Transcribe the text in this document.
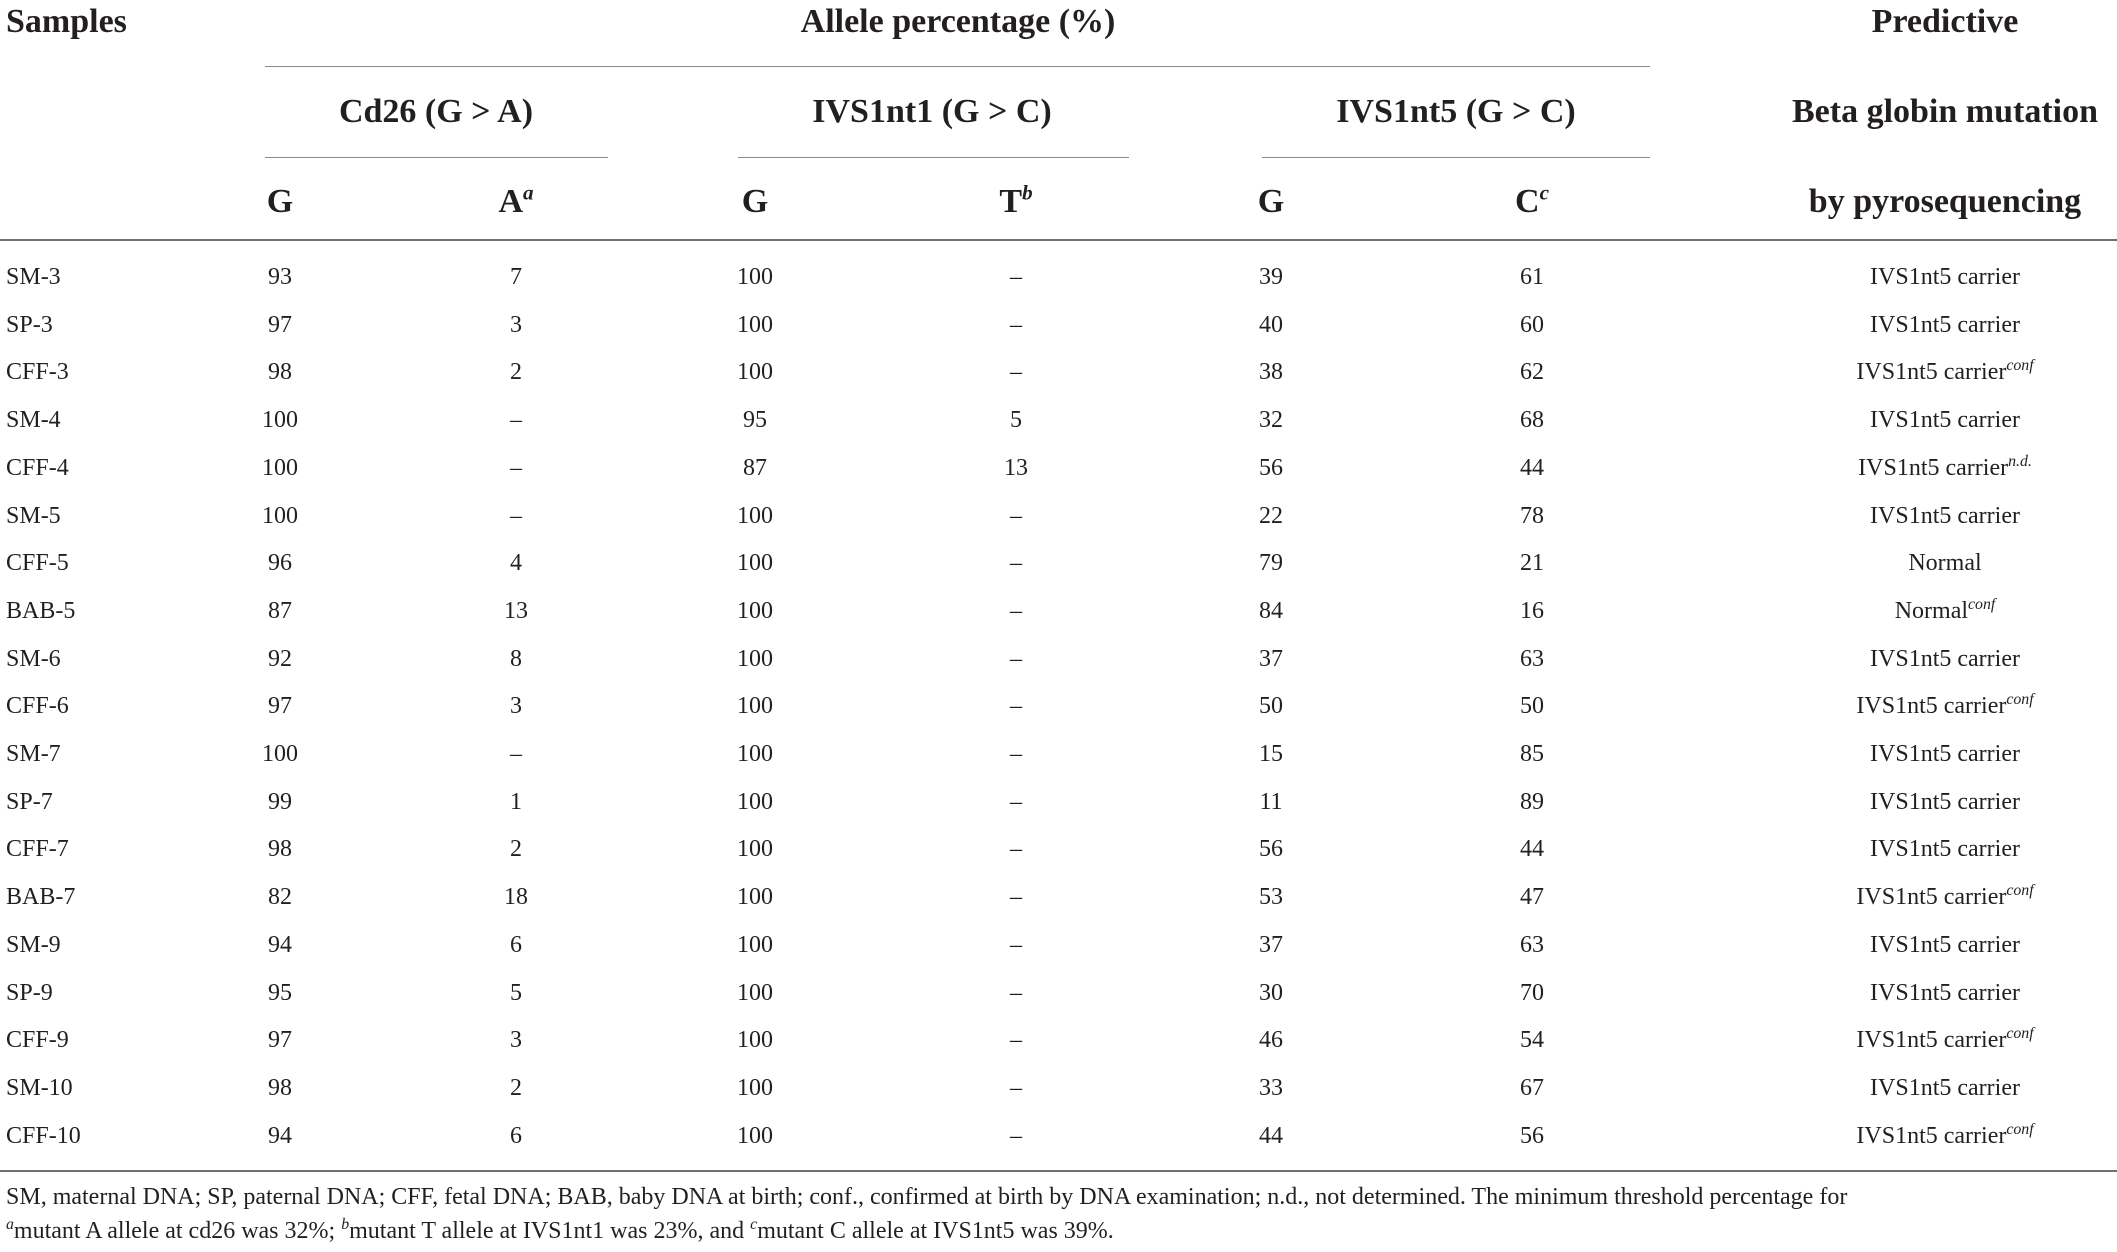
Samples	Allele percentage (%)	Predictive
Beta globin mutation
by pyrosequencing
Cd26 (G > A)	IVS1nt1 (G > C)	IVS1nt5 (G > C)
G	$A^a$	G	$T^b$	G	$C^c$
SM-3	93	7	100	–	39	61	IVS1nt5 carrier
SP-3	97	3	100	–	40	60	IVS1nt5 carrier
CFF-3	98	2	100	–	38	62	IVS1nt5 carrier$^{conf}$
SM-4	100	–	95	5	32	68	IVS1nt5 carrier
CFF-4	100	–	87	13	56	44	IVS1nt5 carrier$^{n.d.}$
SM-5	100	–	100	–	22	78	IVS1nt5 carrier
CFF-5	96	4	100	–	79	21	Normal
BAB-5	87	13	100	–	84	16	Normal$^{conf}$
SM-6	92	8	100	–	37	63	IVS1nt5 carrier
CFF-6	97	3	100	–	50	50	IVS1nt5 carrier$^{conf}$
SM-7	100	–	100	–	15	85	IVS1nt5 carrier
SP-7	99	1	100	–	11	89	IVS1nt5 carrier
CFF-7	98	2	100	–	56	44	IVS1nt5 carrier
BAB-7	82	18	100	–	53	47	IVS1nt5 carrier$^{conf}$
SM-9	94	6	100	–	37	63	IVS1nt5 carrier
SP-9	95	5	100	–	30	70	IVS1nt5 carrier
CFF-9	97	3	100	–	46	54	IVS1nt5 carrier$^{conf}$
SM-10	98	2	100	–	33	67	IVS1nt5 carrier
CFF-10	94	6	100	–	44	56	IVS1nt5 carrier$^{conf}$
SM, maternal DNA; SP, paternal DNA; CFF, fetal DNA; BAB, baby DNA at birth; conf., confirmed at birth by DNA examination; n.d., not determined. The minimum threshold percentage for
$^a$mutant A allele at cd26 was 32%; $^b$mutant T allele at IVS1nt1 was 23%, and $^c$mutant C allele at IVS1nt5 was 39%.
